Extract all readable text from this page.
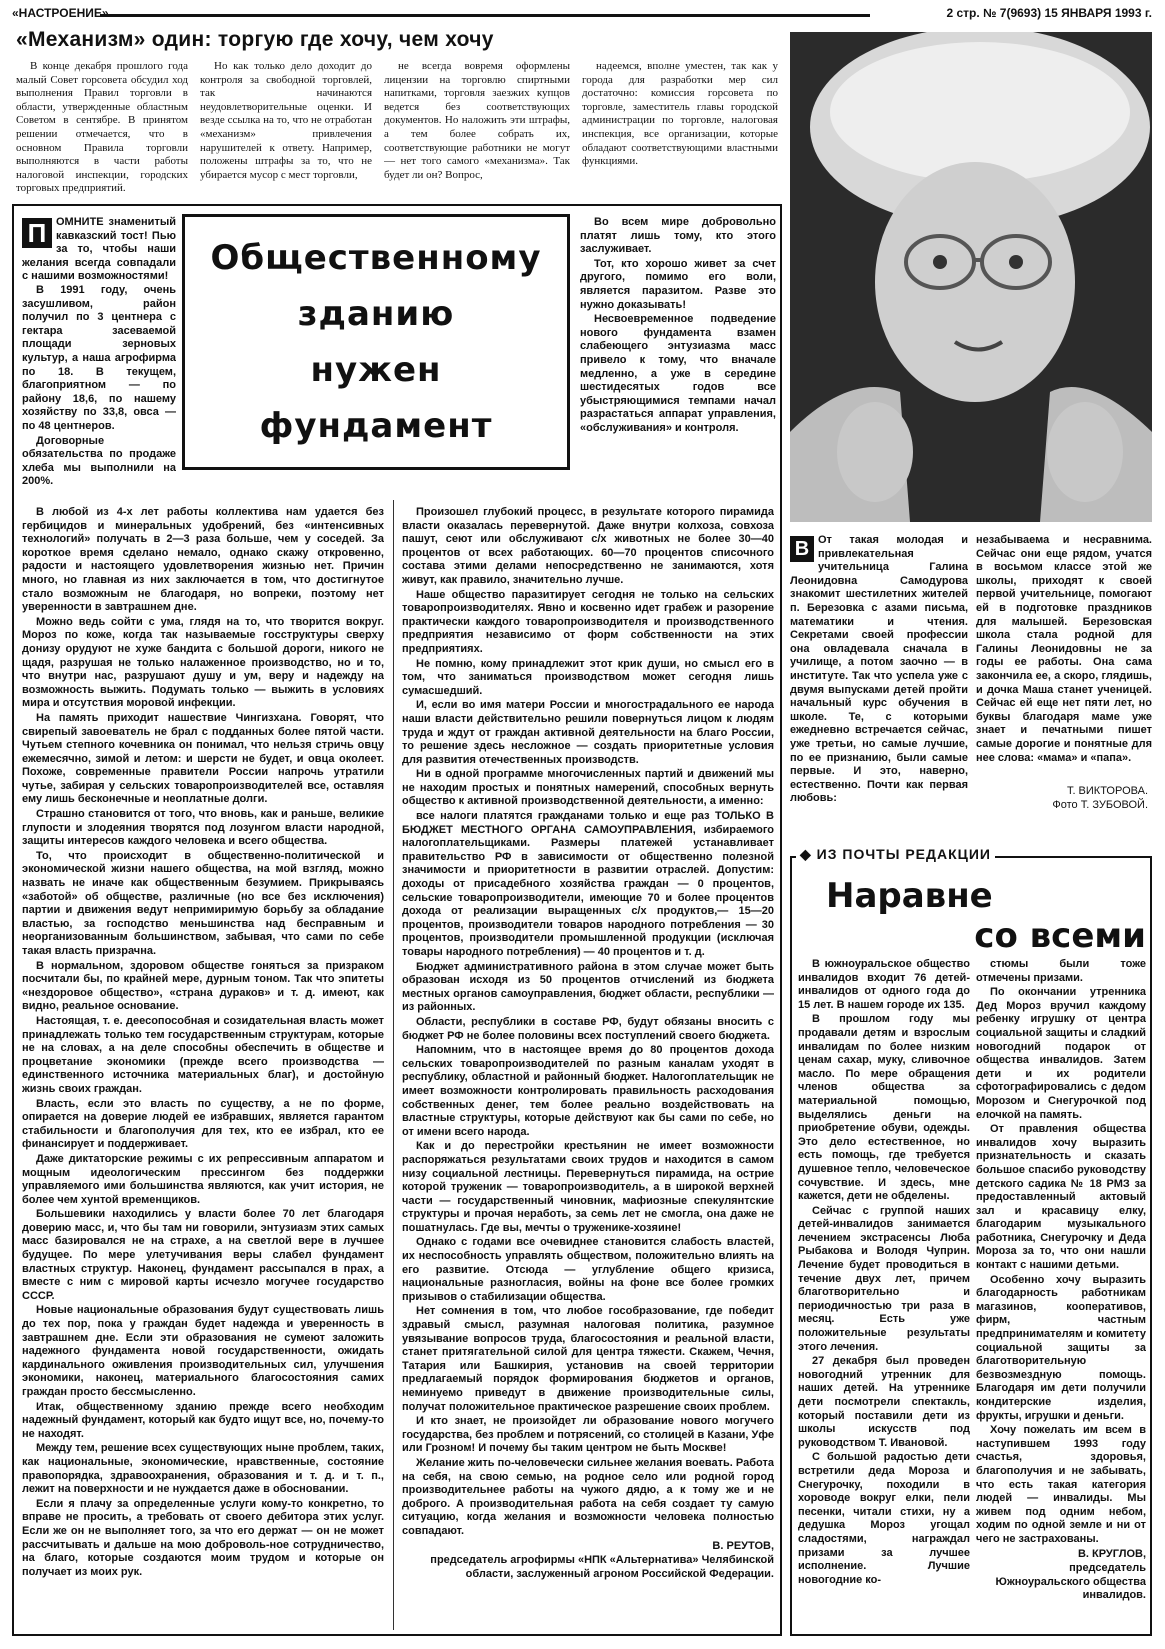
«НАСТРОЕНИЕ»	2 стр. № 7(9693) 15 ЯНВАРЯ 1993 г.
«Механизм» один: торгую где хочу, чем хочу

В конце декабря прошлого года малый Совет горсовета обсудил ход выполнения Правил торговли в области, утвержденные областным Советом в сентябре. В принятом решении отмечается, что в основном Правила торговли выполняются в части работы налоговой инспекции, городских торговых предприятий.

Но как только дело доходит до контроля за свободной торговлей, так начинаются неудовлетворительные оценки. И везде ссылка на то, что не отработан «механизм» привлечения нарушителей к ответу. Например, положены штрафы за то, что не убирается мусор с мест торговли,

не всегда вовремя оформлены лицензии на торговлю спиртными напитками, торговля заезжих купцов ведется без соответствующих документов. Но наложить эти штрафы, а тем более собрать их, соответствующие работники не могут — нет того самого «механизма». Так будет ли он? Вопрос,

надеемся, вполне уместен, так как у города для разработки мер сил достаточно: комиссия горсовета по торговле, заместитель главы городской администрации по торговле, налоговая инспекция, все организации, которые обладают соответствующими властными функциями.

Общественному
зданию
нужен
фундамент
П ОМНИТЕ знаменитый кавказский тост! Пью за то, чтобы наши желания всегда совпадали с нашими возможностями!

В 1991 году, очень засушливом, район получил по 3 центнера с гектара засеваемой площади зерновых культур, а наша агрофирма по 18. В текущем, благоприятном — по району 18,6, по нашему хозяйству по 33,8, овса — по 48 центнеров.

Договорные обязательства по продаже хлеба мы выполнили на 200%.

Во всем мире добровольно платят лишь тому, кто этого заслуживает.

Тот, кто хорошо живет за счет другого, помимо его воли, является паразитом. Разве это нужно доказывать!

Несвоевременное подведение нового фундамента взамен слабеющего энтузиазма масс привело к тому, что вначале медленно, а уже в середине шестидесятых годов все убыстряющимися темпами начал разрастаться аппарат управления, «обслуживания» и контроля.

В любой из 4-х лет работы коллектива нам удается без гербицидов и минеральных удобрений, без «интенсивных технологий» получать в 2—3 раза больше, чем у соседей. За короткое время сделано немало, однако скажу откровенно, радости и настоящего удовлетворения жизнью нет. Причин много, но главная из них заключается в том, что достигнутое стало возможным не благодаря, но вопреки, поэтому нет уверенности в завтрашнем дне.

Можно ведь сойти с ума, глядя на то, что творится вокруг. Мороз по коже, когда так называемые госструктуры сверху донизу орудуют не хуже бандита с большой дороги, никого не щадя, разрушая не только налаженное производство, но и то, что внутри нас, разрушают душу и ум, веру и надежду на возможность выжить. Подумать только — выжить в условиях мира и отсутствия моровой инфекции.

На память приходит нашествие Чингизхана. Говорят, что свирепый завоеватель не брал с подданных более пятой части. Чутьем степного кочевника он понимал, что нельзя стричь овцу ежемесячно, зимой и летом: и шерсти не будет, и овца околеет. Похоже, современные правители России напрочь утратили чутье, забирая у сельских товаропроизводителей все, оставляя ему лишь бесконечные и неоплатные долги.

Страшно становится от того, что вновь, как и раньше, великие глупости и злодеяния творятся под лозунгом власти народной, защиты интересов каждого человека и всего общества.

То, что происходит в общественно-политической и экономической жизни нашего общества, на мой взгляд, можно назвать не иначе как общественным безумием. Прикрываясь «заботой» об обществе, различные (но все без исключения) партии и движения ведут непримиримую борьбу за обладание властью, за господство меньшинства над бесправным и неорганизованным большинством, забывая, что сами по себе такая власть призрачна.

В нормальном, здоровом обществе гоняться за призраком посчитали бы, по крайней мере, дурным тоном. Так что эпитеты «нездоровое общество», «страна дураков» и т. д. имеют, как видно, реальное основание.

Настоящая, т. е. деесопособная и созидательная власть может принадлежать только тем государственным структурам, которые не на словах, а на деле способны обеспечить в обществе и процветание экономики (прежде всего производства — единственного источника материальных благ), и достойную жизнь своих граждан.

Власть, если это власть по существу, а не по форме, опирается на доверие людей ее избравших, является гарантом стабильности и благополучия для тех, кто ее избрал, кто ее финансирует и поддерживает.

Даже диктаторские режимы с их репрессивным аппаратом и мощным идеологическим прессингом без поддержки управляемого ими большинства являются, как учит история, не более чем хунтой временщиков.

Большевики находились у власти более 70 лет благодаря доверию масс, и, что бы там ни говорили, энтузиазм этих самых масс базировался не на страхе, а на светлой вере в лучшее будущее. По мере улетучивания веры слабел фундамент властных структур. Наконец, фундамент рассыпался в прах, а вместе с ним с мировой карты исчезло могучее государство СССР.

Новые национальные образования будут существовать лишь до тех пор, пока у граждан будет надежда и уверенность в завтрашнем дне. Если эти образования не сумеют заложить надежного фундамента новой государственности, ожидать кардинального оживления производительных сил, улучшения экономики, наконец, материального благосостояния самих граждан просто бессмысленно.

Итак, общественному зданию прежде всего необходим надежный фундамент, который как будто ищут все, но, почему-то не находят.

Между тем, решение всех существующих ныне проблем, таких, как национальные, экономические, нравственные, состояние правопорядка, здравоохранения, образования и т. д. и т. п., лежит на поверхности и не нуждается даже в обосновании.

Если я плачу за определенные услуги кому-то конкретно, то вправе не просить, а требовать от своего дебитора этих услуг. Если же он не выполняет того, за что его держат — он не может рассчитывать и дальше на мою доброволь-ное сотрудничество, на благо, которые создаются моим трудом и которые он получает из моих рук.

Произошел глубокий процесс, в результате которого пирамида власти оказалась перевернутой. Даже внутри колхоза, совхоза пашут, сеют или обслуживают с/х животных не более 30—40 процентов от всех работающих. 60—70 процентов списочного состава этими делами непосредственно не занимаются, хотя живут, как правило, значительно лучше.

Наше общество паразитирует сегодня не только на сельских товаропроизводителях. Явно и косвенно идет грабеж и разорение практически каждого товаропроизводителя и производственного предприятия независимо от форм собственности на этих предприятиях.

Не помню, кому принадлежит этот крик души, но смысл его в том, что заниматься производством может сегодня лишь сумасшедший.

И, если во имя матери России и многострадального ее народа наши власти действительно решили повернуться лицом к людям труда и ждут от граждан активной деятельности на благо России, то решение здесь несложное — создать приоритетные условия для развития отечественных производств.

Ни в одной программе многочисленных партий и движений мы не находим простых и понятных намерений, способных вернуть общество к активной производственной деятельности, а именно:

все налоги платятся гражданами только и еще раз ТОЛЬКО В БЮДЖЕТ МЕСТНОГО ОРГАНА САМОУПРАВЛЕНИЯ, избираемого налогоплательщиками. Размеры платежей устанавливает правительство РФ в зависимости от общественно полезной значимости и приоритетности в развитии отраслей. Допустим: доходы от присадебного хозяйства граждан — 0 процентов, сельские товаропроизводители, имеющие 70 и более процентов дохода от реализации выращенных с/х продуктов,— 15—20 процентов, производители товаров народного потребления — 30 процентов, производители промышленной продукции (исключая товары народного потребления) — 40 процентов и т. д.

Бюджет административного района в этом случае может быть образован исходя из 50 процентов отчислений из бюджета местных органов самоуправления, бюджет области, республики — из районных.

Области, республики в составе РФ, будут обязаны вносить с бюджет РФ не более половины всех поступлений своего бюджета.

Напомним, что в настоящее время до 80 процентов дохода сельских товаропроизводителей по разным каналам уходят в республику, областной и районный бюджет. Налогоплательщик не имеет возможности контролировать правильность расходования собственных денег, тем более реально воздействовать на властные структуры, которые действуют как бы сами по себе, но от имени всего народа.

Как и до перестройки крестьянин не имеет возможности распоряжаться результатами своих трудов и находится в самом низу социальной лестницы. Перевернуться пирамида, на острие которой труженик — товаропроизводитель, а в широкой верхней части — государственный чиновник, мафиозные спекулянтские структуры и прочая неработь, за семь лет не смогла, она даже не пошатнулась. Где вы, мечты о труженике-хозяине!

Однако с годами все очевиднее становится слабость властей, их неспособность управлять обществом, положительно влиять на его развитие. Отсюда — углубление общего кризиса, национальные разногласия, войны на фоне все более громких призывов о стабилизации общества.

Нет сомнения в том, что любое гособразование, где победит здравый смысл, разумная налоговая политика, разумное увязывание вопросов труда, благосостояния и реальной власти, станет притягательной силой для центра тяжести. Скажем, Чечня, Татария или Башкирия, установив на своей территории предлагаемый порядок формирования бюджетов и органов, неминуемо приведут в движение производительные силы, получат положительное практическое разрешение своих проблем.

И кто знает, не произойдет ли образование нового могучего государства, без проблем и потрясений, со столицей в Казани, Уфе или Грозном! И почему бы таким центром не быть Москве!

Желание жить по-человечески сильнее желания воевать. Работа на себя, на свою семью, на родное село или родной город производительнее работы на чужого дядю, а к тому же и не доброго. А производительная работа на себя создает ту самую ситуацию, когда желания и возможности человека полностью совпадают.

В. РЕУТОВ,

председатель агрофирмы «НПК «Альтернатива» Челябинской области, заслуженный агроном Российской Федерации.

В От такая молодая и привлекательная учительница Галина Леонидовна Самодурова знакомит шестилетних жителей п. Березовка с азами письма, математики и чтения. Секретами своей профессии она овладевала сначала в училище, а потом заочно — в институте. Так что успела уже с двумя выпусками детей пройти начальный курс обучения в школе. Те, с которыми ежедневно встречается сейчас, уже третьи, но самые лучшие, по ее признанию, были самые первые. И это, наверно, естественно. Почти как первая любовь:
незабываема и несравнима. Сейчас они еще рядом, учатся в восьмом классе этой же школы, приходят к своей первой учительнице, помогают ей в подготовке праздников для малышей. Березовская школа стала родной для Галины Леонидовны не за годы ее работы. Она сама закончила ее, а скоро, глядишь, и дочка Маша станет ученицей. Сейчас ей еще нет пяти лет, но буквы благодаря маме уже знает и печатными пишет самые дорогие и понятные для нее слова: «мама» и «папа».
Т. ВИКТОРОВА.
Фото Т. ЗУБОВОЙ.
◆ ИЗ ПОЧТЫ РЕДАКЦИИ
Наравне
со всеми

В южноуральское общество инвалидов входит 76 детей-инвалидов от одного года до 15 лет. В нашем городе их 135.

В прошлом году мы продавали детям и взрослым инвалидам по более низким ценам сахар, муку, сливочное масло. По мере обращения членов общества за материальной помощью, выделялись деньги на приобретение обуви, одежды. Это дело естественное, но есть помощь, где требуется душевное тепло, человеческое сочувствие. И здесь, мне кажется, дети не обделены.

Сейчас с группой наших детей-инвалидов занимается лечением экстрасенсы Люба Рыбакова и Володя Чуприн. Лечение будет проводиться в течение двух лет, причем благотворительно и периодичностью три раза в месяц. Есть уже положительные результаты этого лечения.

27 декабря был проведен новогодний утренник для наших детей. На утреннике дети посмотрели спектакль, который поставили дети из школы искусств под руководством Т. Ивановой.

С большой радостью дети встретили деда Мороза и Снегурочку, походили в хороводе вокруг елки, пели песенки, читали стихи, ну а дедушка Мороз угощал сладостями, награждал призами за лучшее исполнение. Лучшие новогодние ко-

стюмы были тоже отмечены призами.

По окончании утренника Дед Мороз вручил каждому ребенку игрушку от центра социальной защиты и сладкий новогодний подарок от общества инвалидов. Затем дети и их родители сфотографировались с дедом Морозом и Снегурочкой под елочкой на память.

От правления общества инвалидов хочу выразить признательность и сказать большое спасибо руководству детского садика № 18 РМЗ за предоставленный актовый зал и красавицу елку, благодарим музыкального работника, Снегурочку и Деда Мороза за то, что они нашли контакт с нашими детьми.

Особенно хочу выразить благодарность работникам магазинов, кооперативов, фирм, частным предпринимателям и комитету социальной защиты за благотворительную безвозмездную помощь. Благодаря им дети получили кондитерские изделия, фрукты, игрушки и деньги.

Хочу пожелать им всем в наступившем 1993 году счастья, здоровья, благополучия и не забывать, что есть такая категория людей — инвалиды. Мы живем под одним небом, ходим по одной земле и ни от чего не застрахованы.

В. КРУГЛОВ,

председатель Южноуральского общества инвалидов.
